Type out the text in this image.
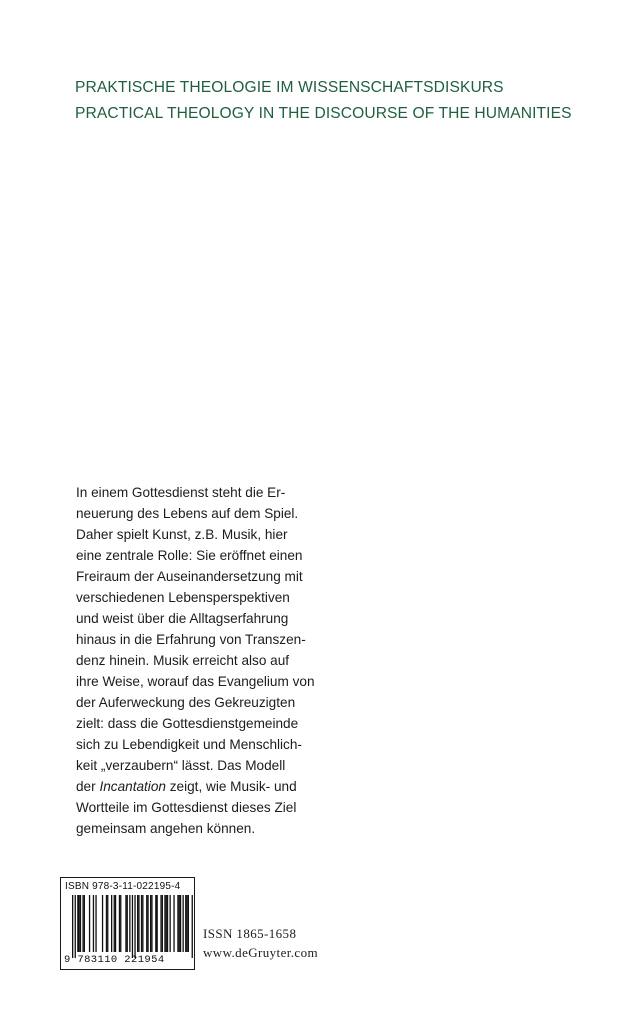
PRAKTISCHE THEOLOGIE IM WISSENSCHAFTSDISKURS
PRACTICAL THEOLOGY IN THE DISCOURSE OF THE HUMANITIES
In einem Gottesdienst steht die Er-
neuerung des Lebens auf dem Spiel.
Daher spielt Kunst, z.B. Musik, hier
eine zentrale Rolle: Sie eröffnet einen
Freiraum der Auseinandersetzung mit
verschiedenen Lebensperspektiven
und weist über die Alltagserfahrung
hinaus in die Erfahrung von Transzen-
denz hinein. Musik erreicht also auf
ihre Weise, worauf das Evangelium von
der Auferweckung des Gekreuzigten
zielt: dass die Gottesdienstgemeinde
sich zu Lebendigkeit und Menschlich-
keit „verzaubern“ lässt. Das Modell
der Incantation zeigt, wie Musik- und
Wortteile im Gottesdienst dieses Ziel
gemeinsam angehen können.
ISBN 978-3-11-022195-4
9 783110 221954
ISSN 1865-1658
www.deGruyter.com
